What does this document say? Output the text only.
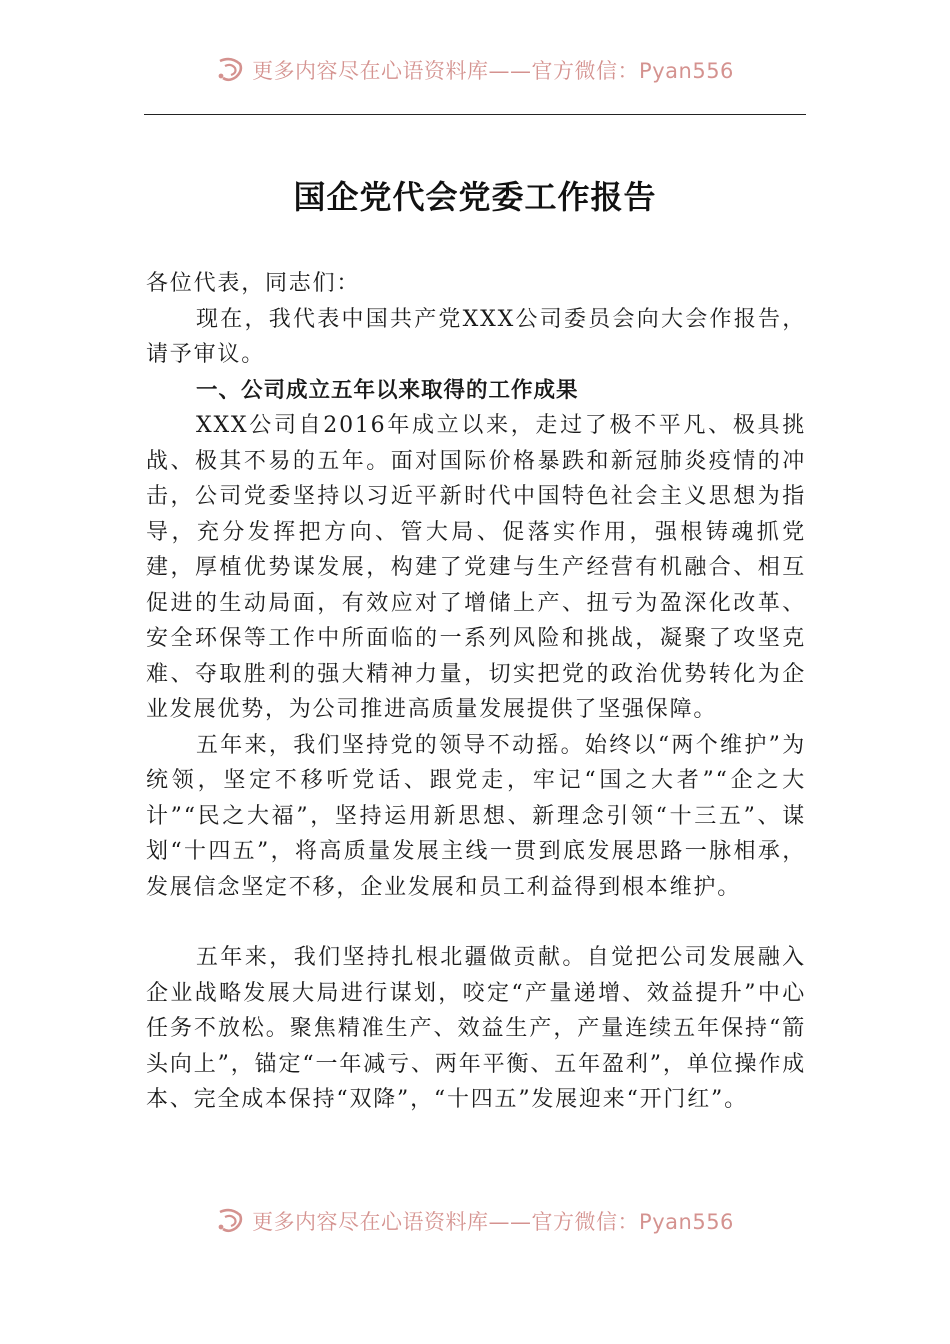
更多内容尽在心语资料库——官方微信：Pyan556
国企党代会党委工作报告

各位代表，同志们：

现在，我代表中国共产党XXX公司委员会向大会作报告，请予审议。

一、公司成立五年以来取得的工作成果

XXX公司自2016年成立以来，走过了极不平凡、极具挑战、极其不易的五年。面对国际价格暴跌和新冠肺炎疫情的冲击，公司党委坚持以习近平新时代中国特色社会主义思想为指导，充分发挥把方向、管大局、促落实作用，强根铸魂抓党建，厚植优势谋发展，构建了党建与生产经营有机融合、相互促进的生动局面，有效应对了增储上产、扭亏为盈深化改革、安全环保等工作中所面临的一系列风险和挑战，凝聚了攻坚克难、夺取胜利的强大精神力量，切实把党的政治优势转化为企业发展优势，为公司推进高质量发展提供了坚强保障。

五年来，我们坚持党的领导不动摇。始终以“两个维护”为统领，坚定不移听党话、跟党走，牢记“国之大者”“企之大计”“民之大福”，坚持运用新思想、新理念引领“十三五”、谋划“十四五”，将高质量发展主线一贯到底发展思路一脉相承，发展信念坚定不移，企业发展和员工利益得到根本维护。

五年来，我们坚持扎根北疆做贡献。自觉把公司发展融入企业战略发展大局进行谋划，咬定“产量递增、效益提升”中心任务不放松。聚焦精准生产、效益生产，产量连续五年保持“箭头向上”，锚定“一年减亏、两年平衡、五年盈利”，单位操作成本、完全成本保持“双降”，“十四五”发展迎来“开门红”。

更多内容尽在心语资料库——官方微信：Pyan556
